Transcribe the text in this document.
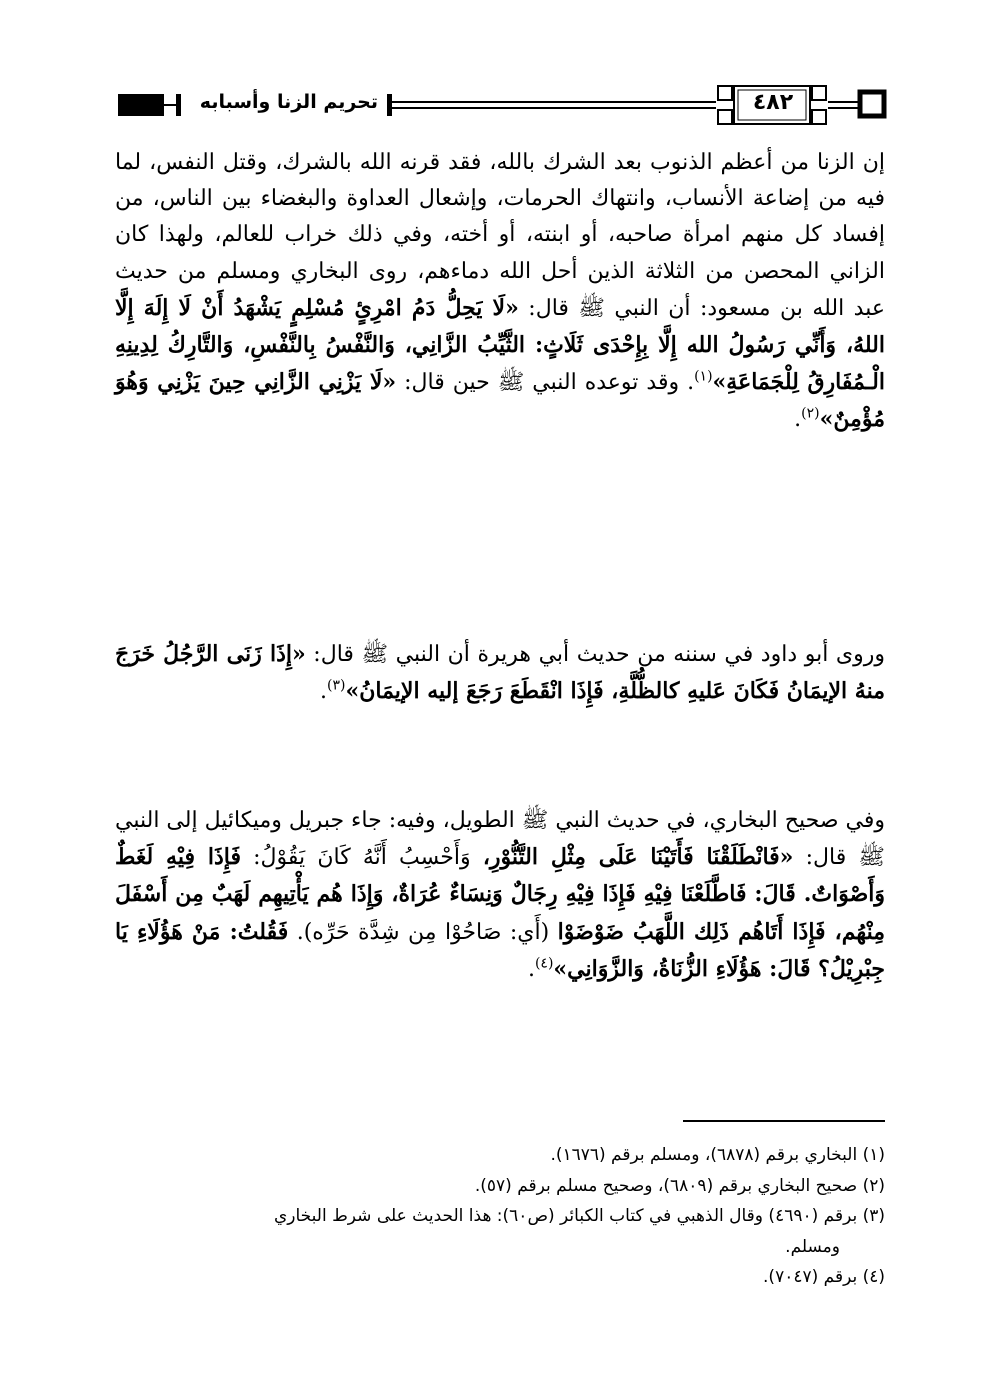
٤٨٢
تحريم الزنا وأسبابه

إن الزنا من أعظم الذنوب بعد الشرك بالله، فقد قرنه الله بالشرك، وقتل النفس، لما فيه من إضاعة الأنساب، وانتهاك الحرمات، وإشعال العداوة والبغضاء بين الناس، من إفساد كل منهم امرأة صاحبه، أو ابنته، أو أخته، وفي ذلك خراب للعالم، ولهذا كان الزاني المحصن من الثلاثة الذين أحل الله دماءهم، روى البخاري ومسلم من حديث عبد الله بن مسعود: أن النبي ﷺ قال: «لَا يَحِلُّ دَمُ امْرِئٍ مُسْلِمٍ يَشْهَدُ أَنْ لَا إِلَهَ إِلَّا اللهُ، وَأَنِّي رَسُولُ الله إِلَّا بِإِحْدَى ثَلَاثٍ: الثَّيِّبُ الزَّانِي، وَالنَّفْسُ بِالنَّفْسِ، وَالتَّارِكُ لِدِينِهِ الْـمُفَارِقُ لِلْجَمَاعَةِ»$^{(١)}$. وقد توعده النبي ﷺ حين قال: «لَا يَزْنِي الزَّانِي حِينَ يَزْنِي وَهُوَ مُؤْمِنٌ»$^{(٢)}$.

وروى أبو داود في سننه من حديث أبي هريرة أن النبي ﷺ قال: «إِذَا زَنَى الرَّجُلُ خَرَجَ منهُ الإيمَانُ فَكَانَ عَليهِ كالظُّلَّةِ، فَإِذَا انْقَطَعَ رَجَعَ إليه الإيمَانُ»$^{(٣)}$.

وفي صحيح البخاري، في حديث النبي ﷺ الطويل، وفيه: جاء جبريل وميكائيل إلى النبي ﷺ قال: «فَانْطَلَقْنَا فَأَتَيْنَا عَلَى مِثْلِ التَّنُّوْرِ، وَأَحْسِبُ أَنَّهُ كَانَ يَقُوْلُ: فَإِذَا فِيْهِ لَغَطٌ وَأَصْوَاتٌ. قَالَ: فَاطَّلَعْنَا فِيْهِ فَإِذَا فِيْهِ رِجَالٌ وَنِسَاءٌ عُرَاةٌ، وَإِذَا هُم يَأْتِيهِم لَهَبٌ مِن أَسْفَلَ مِنْهُم، فَإِذَا أَتَاهُم ذَلِك اللَّهَبُ ضَوْضَوْا (أَي: صَاحُوْا مِن شِدَّة حَرِّه). فَقُلتُ: مَنْ هَؤُلَاءِ يَا جِبْرِيْلُ؟ قَالَ: هَؤُلَاءِ الزُّنَاةُ، وَالزَّوَانِي»$^{(٤)}$.

(١) البخاري برقم (٦٨٧٨)، ومسلم برقم (١٦٧٦).
(٢) صحيح البخاري برقم (٦٨٠٩)، وصحيح مسلم برقم (٥٧).
(٣) برقم (٤٦٩٠) وقال الذهبي في كتاب الكبائر (ص٦٠): هذا الحديث على شرط البخاري
ومسلم.
(٤) برقم (٧٠٤٧).
